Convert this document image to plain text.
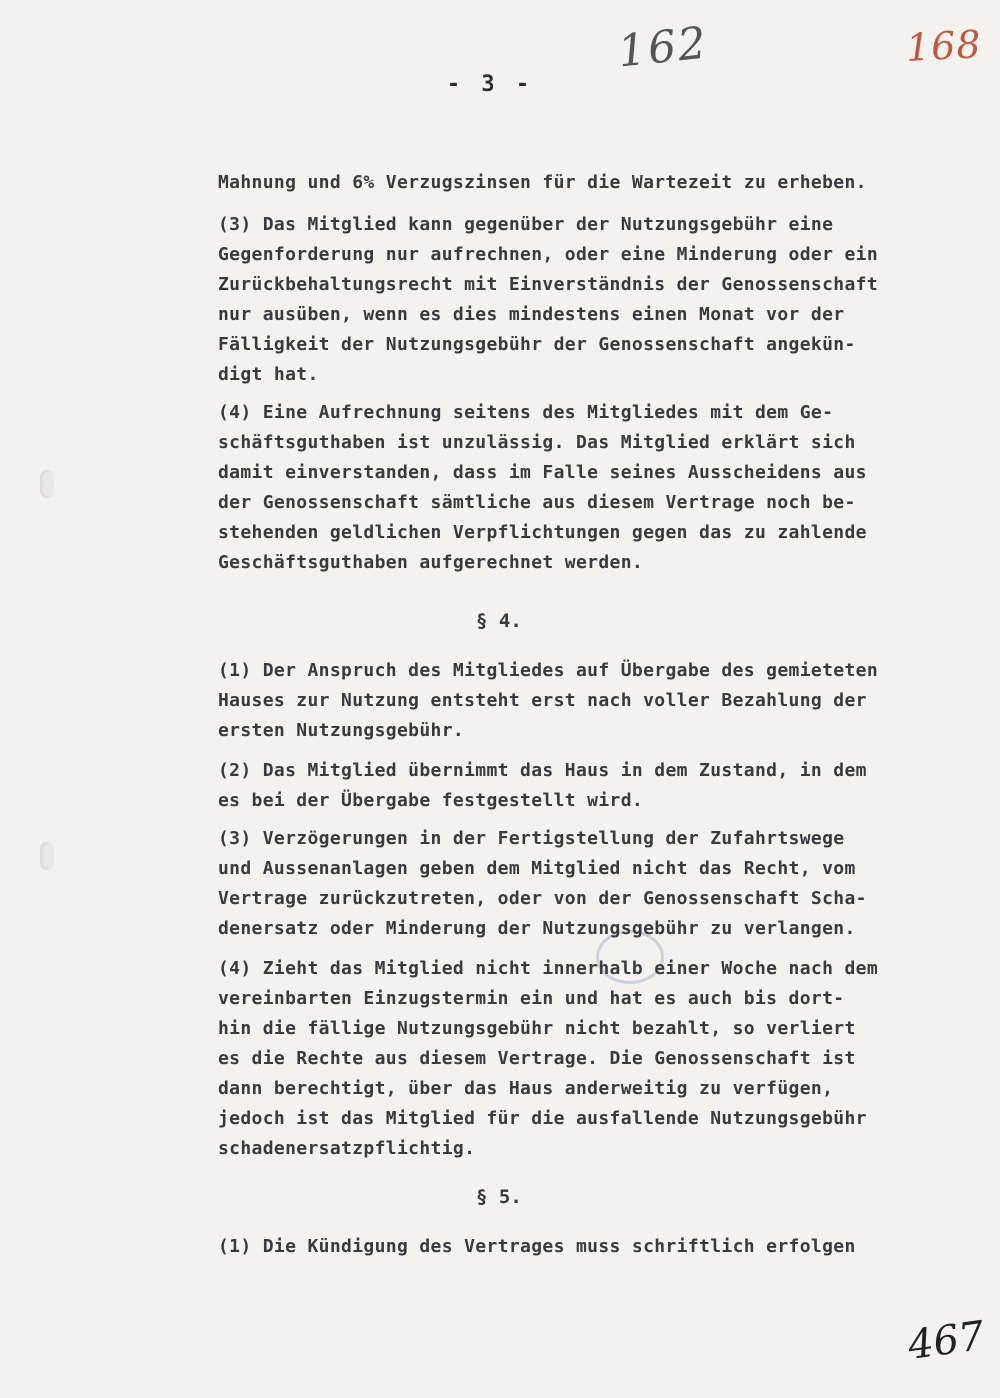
162	168
- 3 -
Mahnung und 6% Verzugszinsen für die Wartezeit zu erheben.
(3) Das Mitglied kann gegenüber der Nutzungsgebühr eine
Gegenforderung nur aufrechnen, oder eine Minderung oder ein
Zurückbehaltungsrecht mit Einverständnis der Genossenschaft
nur ausüben, wenn es dies mindestens einen Monat vor der
Fälligkeit der Nutzungsgebühr der Genossenschaft angekün-
digt hat.
(4) Eine Aufrechnung seitens des Mitgliedes mit dem Ge-
schäftsguthaben ist unzulässig. Das Mitglied erklärt sich
damit einverstanden, dass im Falle seines Ausscheidens aus
der Genossenschaft sämtliche aus diesem Vertrage noch be-
stehenden geldlichen Verpflichtungen gegen das zu zahlende
Geschäftsguthaben aufgerechnet werden.
(1) Der Anspruch des Mitgliedes auf Übergabe des gemieteten
Hauses zur Nutzung entsteht erst nach voller Bezahlung der
ersten Nutzungsgebühr.
(2) Das Mitglied übernimmt das Haus in dem Zustand, in dem
es bei der Übergabe festgestellt wird.
(3) Verzögerungen in der Fertigstellung der Zufahrtswege
und Aussenanlagen geben dem Mitglied nicht das Recht, vom
Vertrage zurückzutreten, oder von der Genossenschaft Scha-
denersatz oder Minderung der Nutzungsgebühr zu verlangen.
(4) Zieht das Mitglied nicht innerhalb einer Woche nach dem
vereinbarten Einzugstermin ein und hat es auch bis dort-
hin die fällige Nutzungsgebühr nicht bezahlt, so verliert
es die Rechte aus diesem Vertrage. Die Genossenschaft ist
dann berechtigt, über das Haus anderweitig zu verfügen,
jedoch ist das Mitglied für die ausfallende Nutzungsgebühr
schadenersatzpflichtig.
(1) Die Kündigung des Vertrages muss schriftlich erfolgen
§ 4.
§ 5.
467
